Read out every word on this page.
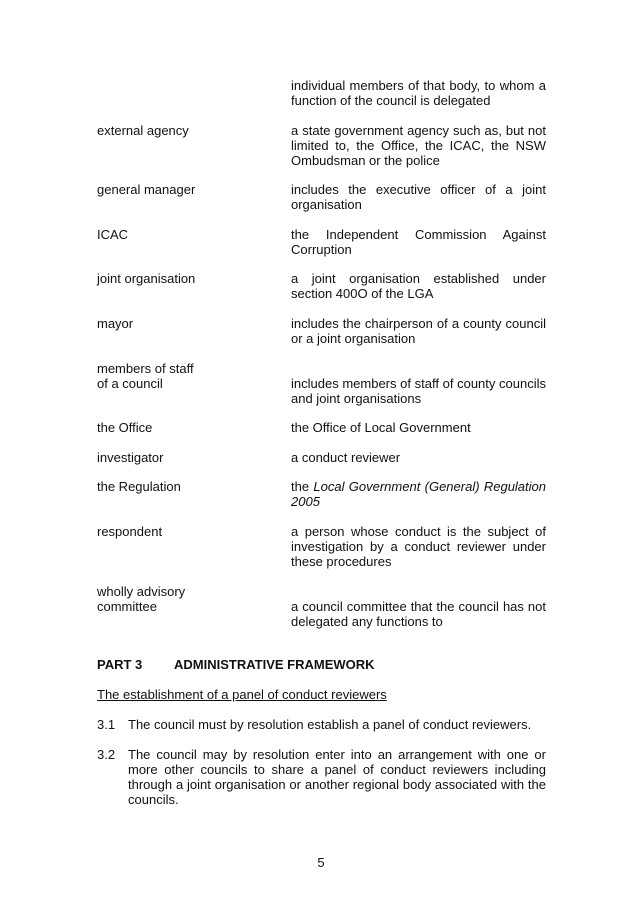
individual members of that body, to whom a function of the council is delegated
external agency	a state government agency such as, but not limited to, the Office, the ICAC, the NSW Ombudsman or the police
general manager	includes the executive officer of a joint organisation
ICAC	the Independent Commission Against Corruption
joint organisation	a joint organisation established under section 400O of the LGA
mayor	includes the chairperson of a county council or a joint organisation
members of staff of a council	includes members of staff of county councils and joint organisations
the Office	the Office of Local Government
investigator	a conduct reviewer
the Regulation	the Local Government (General) Regulation 2005
respondent	a person whose conduct is the subject of investigation by a conduct reviewer under these procedures
wholly advisory committee	a council committee that the council has not delegated any functions to
PART 3 ADMINISTRATIVE FRAMEWORK
The establishment of a panel of conduct reviewers
3.1 The council must by resolution establish a panel of conduct reviewers.
3.2 The council may by resolution enter into an arrangement with one or more other councils to share a panel of conduct reviewers including through a joint organisation or another regional body associated with the councils.
5
